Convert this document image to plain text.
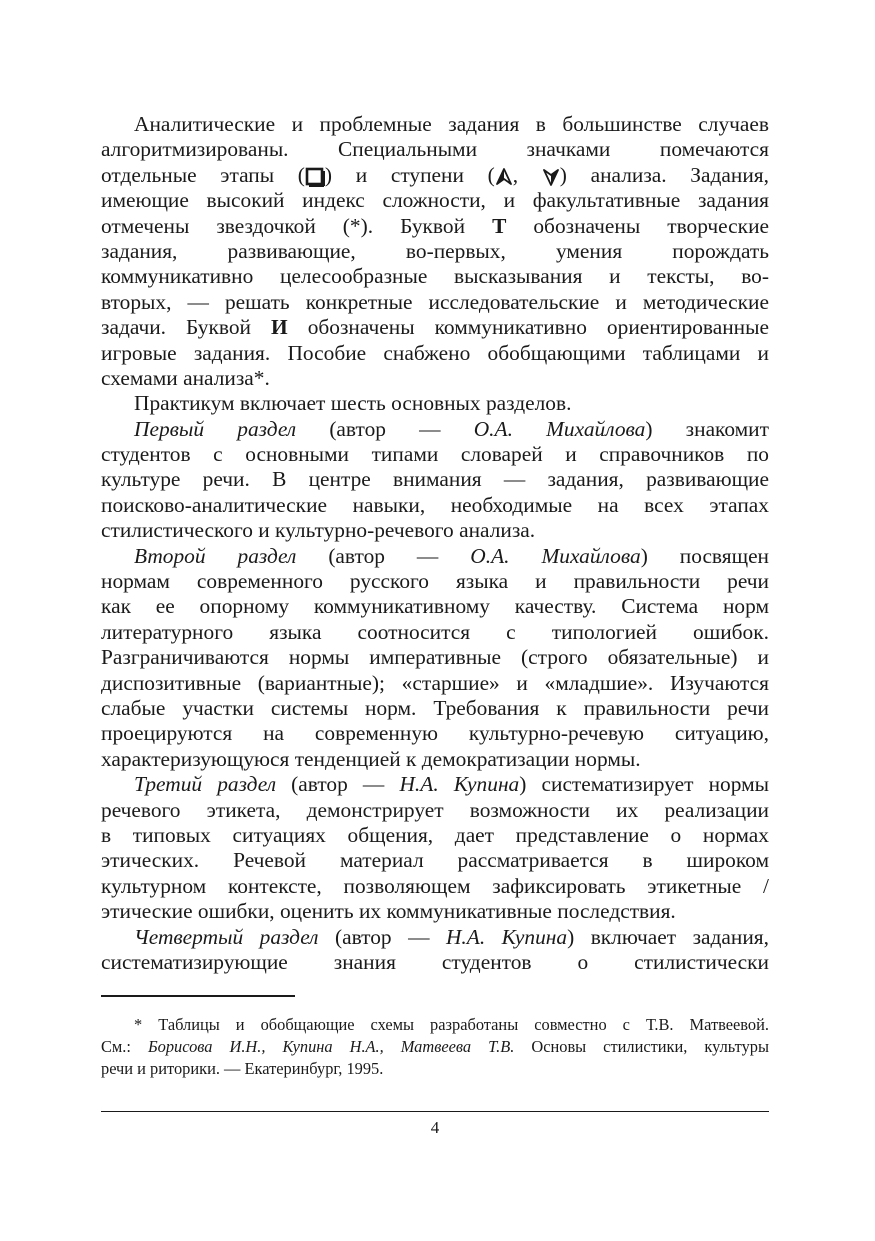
Аналитические и проблемные задания в большинстве случаев
алгоритмизированы. Специальными значками помечаются
отдельные этапы ( ) и ступени ( , ) анализа. Задания,
имеющие высокий индекс сложности, и факультативные задания
отмечены звездочкой (*). Буквой Т обозначены творческие
задания, развивающие, во-первых, умения порождать
коммуникативно целесообразные высказывания и тексты, во-
вторых, — решать конкретные исследовательские и методические
задачи. Буквой И обозначены коммуникативно ориентированные
игровые задания. Пособие снабжено обобщающими таблицами и
схемами анализа*.
Практикум включает шесть основных разделов.
Первый раздел (автор — О.А. Михайлова) знакомит
студентов с основными типами словарей и справочников по
культуре речи. В центре внимания — задания, развивающие
поисково-аналитические навыки, необходимые на всех этапах
стилистического и культурно-речевого анализа.
Второй раздел (автор — О.А. Михайлова) посвящен
нормам современного русского языка и правильности речи
как ее опорному коммуникативному качеству. Система норм
литературного языка соотносится с типологией ошибок.
Разграничиваются нормы императивные (строго обязательные) и
диспозитивные (вариантные); «старшие» и «младшие». Изучаются
слабые участки системы норм. Требования к правильности речи
проецируются на современную культурно-речевую ситуацию,
характеризующуюся тенденцией к демократизации нормы.
Третий раздел (автор — Н.А. Купина) систематизирует нормы
речевого этикета, демонстрирует возможности их реализации
в типовых ситуациях общения, дает представление о нормах
этических. Речевой материал рассматривается в широком
культурном контексте, позволяющем зафиксировать этикетные /
этические ошибки, оценить их коммуникативные последствия.
Четвертый раздел (автор — Н.А. Купина) включает задания,
систематизирующие знания студентов о стилистически
* Таблицы и обобщающие схемы разработаны совместно с Т.В. Матвеевой.
См.: Борисова И.Н., Купина Н.А., Матвеева Т.В. Основы стилистики, культуры
речи и риторики. — Екатеринбург, 1995.
4
